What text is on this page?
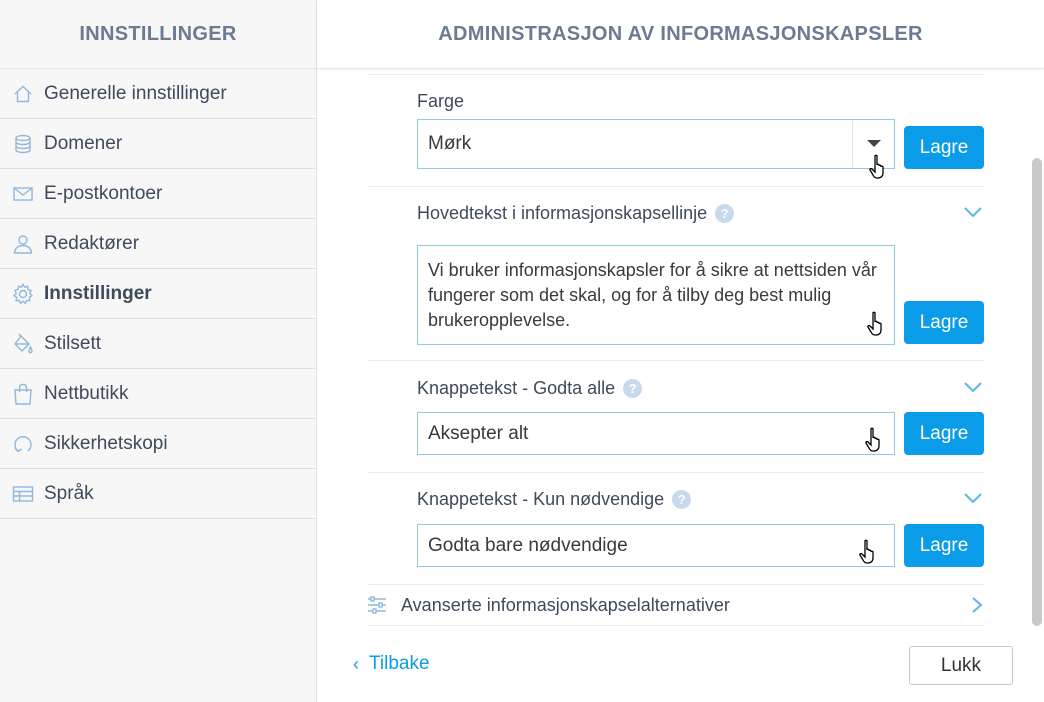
INNSTILLINGER
Generelle innstillinger
Domener
E-postkontoer
Redaktører
Innstillinger
Stilsett
Nettbutikk
Sikkerhetskopi
Språk
ADMINISTRASJON AV INFORMASJONSKAPSLER
Farge
Mørk	Lagre
Hovedtekst i informasjonskapsellinje ?
Vi bruker informasjonskapsler for å sikre at nettsiden vår fungerer som det skal, og for å tilby deg best mulig brukeropplevelse.	Lagre
Knappetekst - Godta alle ?
Aksepter alt	Lagre
Knappetekst - Kun nødvendige ?
Godta bare nødvendige	Lagre
Avanserte informasjonskapselalternativer
‹ Tilbake	Lukk
